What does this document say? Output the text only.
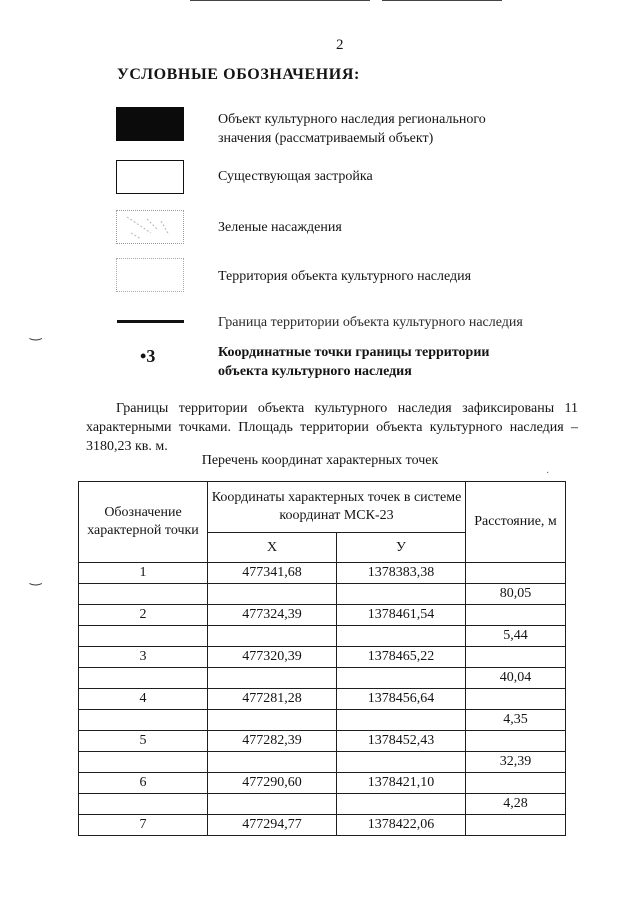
2
УСЛОВНЫЕ ОБОЗНАЧЕНИЯ:
Объект культурного наследия регионального
значения (рассматриваемый объект)
Существующая застройка
Зеленые насаждения
Территория объекта культурного наследия
Граница территории объекта культурного наследия
•3	Координатные точки границы территории
объекта культурного наследия
‿
‿
Границы территории объекта культурного наследия зафиксированы 11 характерными точками. Площадь территории объекта культурного наследия – 3180,23 кв. м.
Перечень координат характерных точек
·
Обозначение характерной точки	Координаты характерных точек в системе координат МСК-23		Расстояние, м
	Х	У	
1	477341,68	1378383,38	
			80,05
2	477324,39	1378461,54	
			5,44
3	477320,39	1378465,22	
			40,04
4	477281,28	1378456,64	
			4,35
5	477282,39	1378452,43	
			32,39
6	477290,60	1378421,10	
			4,28
7	477294,77	1378422,06	
